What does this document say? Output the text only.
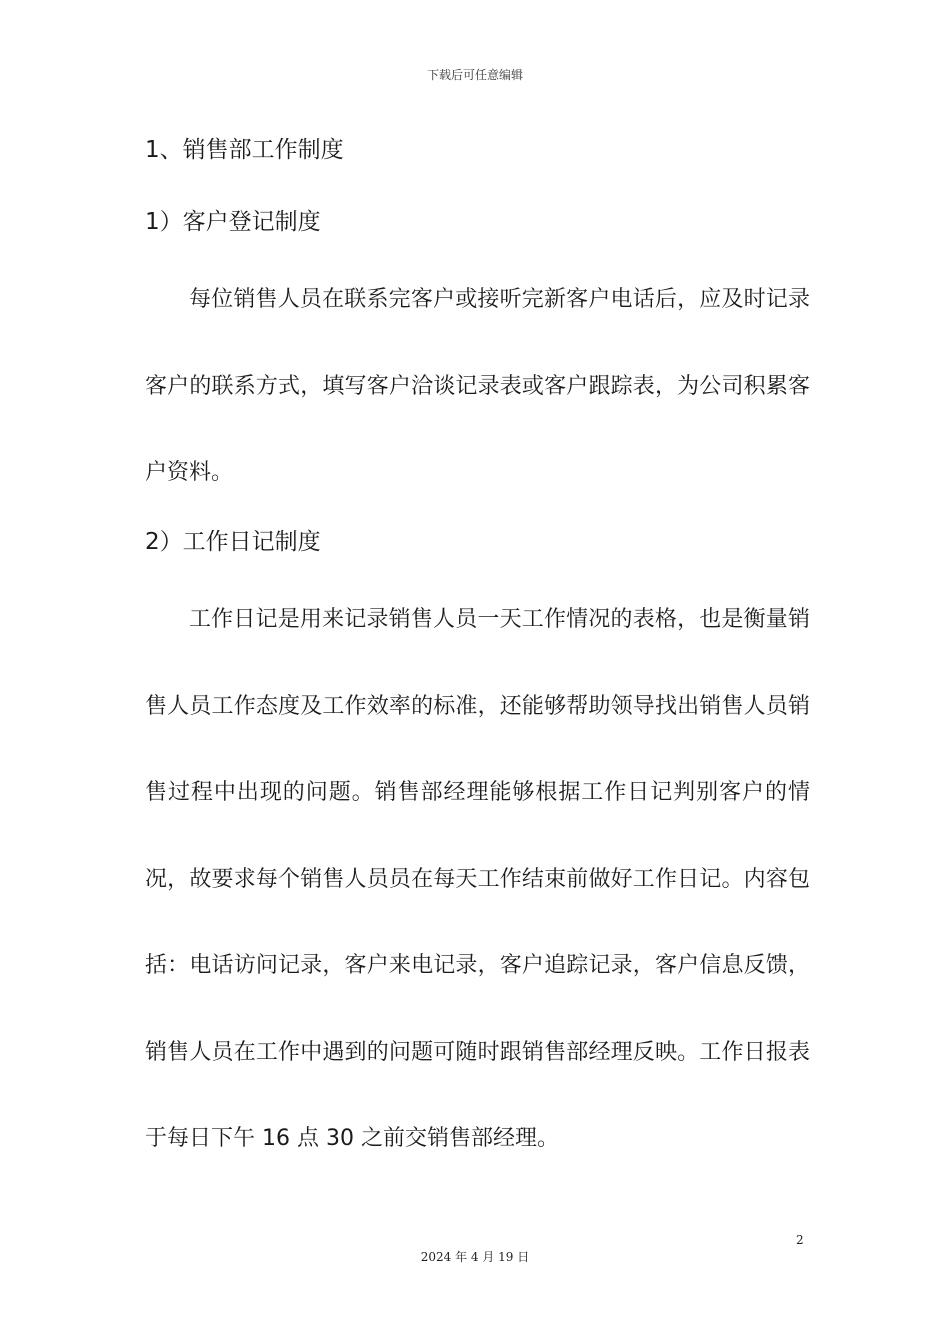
下载后可任意编辑
1、销售部工作制度
1）客户登记制度

每位销售人员在联系完客户或接听完新客户电话后，应及时记录客户的联系方式，填写客户洽谈记录表或客户跟踪表，为公司积累客户资料。

2）工作日记制度

工作日记是用来记录销售人员一天工作情况的表格，也是衡量销售人员工作态度及工作效率的标准，还能够帮助领导找出销售人员销售过程中出现的问题。销售部经理能够根据工作日记判别客户的情况，故要求每个销售人员员在每天工作结束前做好工作日记。内容包括：电话访问记录，客户来电记录，客户追踪记录，客户信息反馈，销售人员在工作中遇到的问题可随时跟销售部经理反映。工作日报表于每日下午 16 点 30 之前交销售部经理。

2
2024 年 4 月 19 日
